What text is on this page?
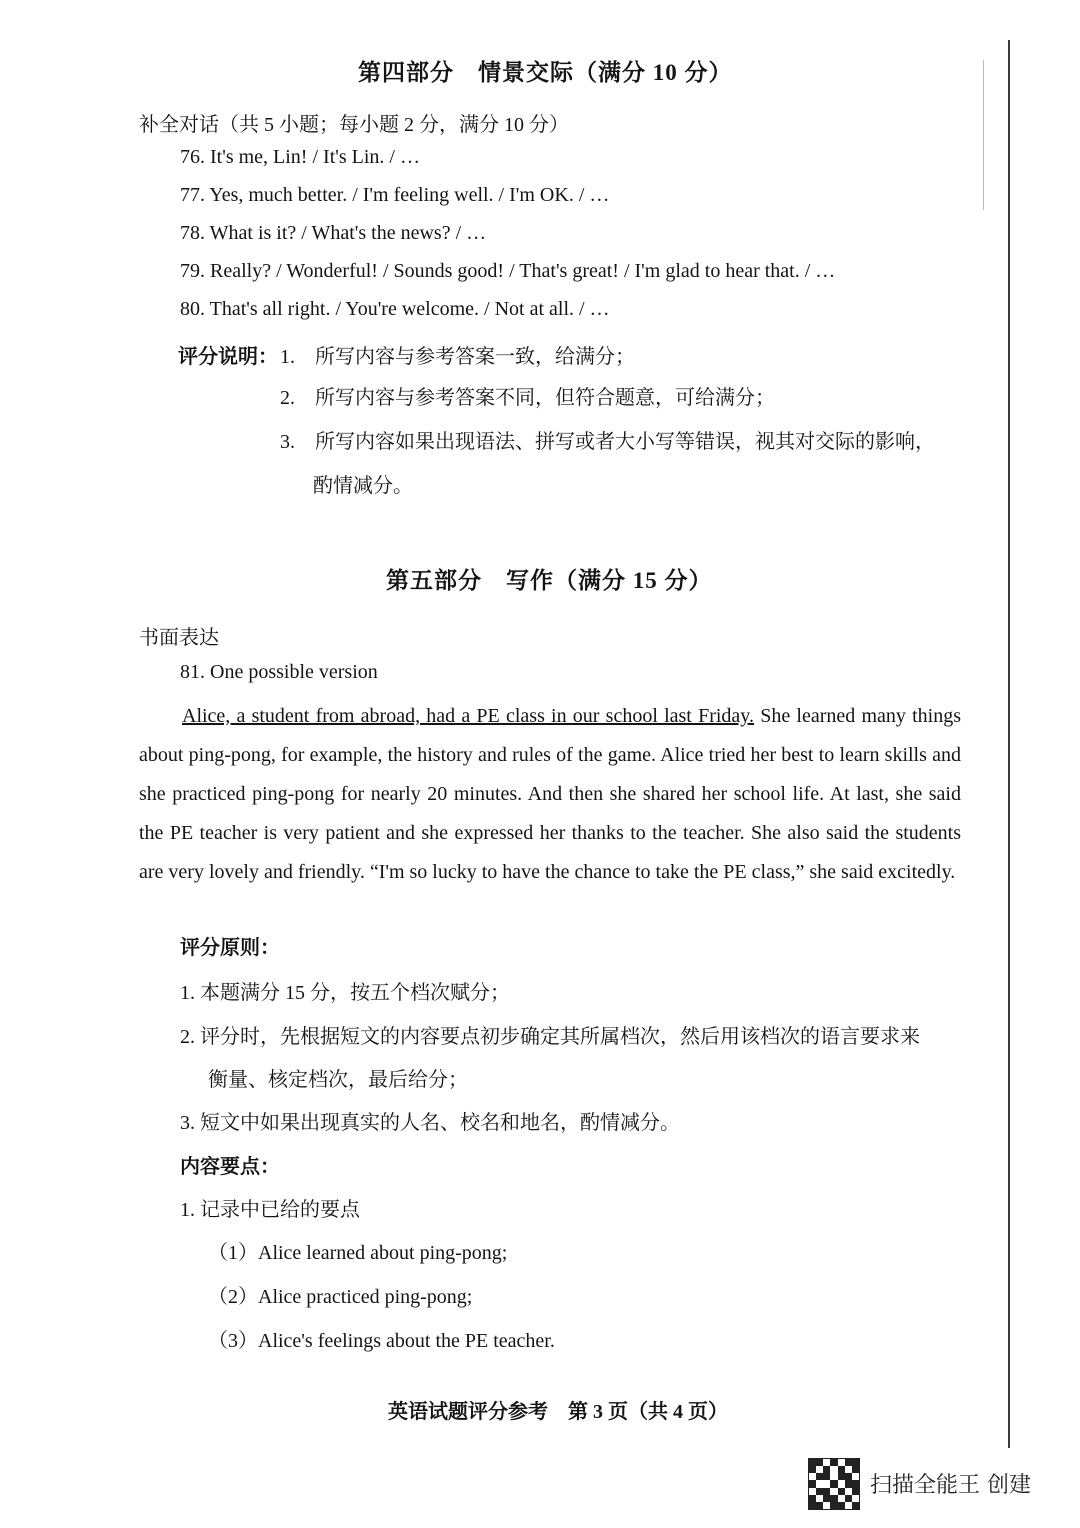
第四部分　情景交际（满分 10 分）
补全对话（共 5 小题；每小题 2 分，满分 10 分）
76. It's me, Lin! / It's Lin. / …
77. Yes, much better. / I'm feeling well. / I'm OK. / …
78. What is it? / What's the news? / …
79. Really? / Wonderful! / Sounds good! / That's great! / I'm glad to hear that. / …
80. That's all right. / You're welcome. / Not at all. / …
评分说明： 1.　所写内容与参考答案一致，给满分；
2.　所写内容与参考答案不同，但符合题意，可给满分；
3.　所写内容如果出现语法、拼写或者大小写等错误，视其对交际的影响，
酌情减分。
第五部分　写作（满分 15 分）
书面表达
81. One possible version
Alice, a student from abroad, had a PE class in our school last Friday. She learned many things about ping-pong, for example, the history and rules of the game. Alice tried her best to learn skills and she practiced ping-pong for nearly 20 minutes. And then she shared her school life. At last, she said the PE teacher is very patient and she expressed her thanks to the teacher. She also said the students are very lovely and friendly. “I'm so lucky to have the chance to take the PE class,” she said excitedly.
评分原则：
1. 本题满分 15 分，按五个档次赋分；
2. 评分时，先根据短文的内容要点初步确定其所属档次，然后用该档次的语言要求来
衡量、核定档次，最后给分；
3. 短文中如果出现真实的人名、校名和地名，酌情减分。
内容要点：
1. 记录中已给的要点
（1）Alice learned about ping-pong;
（2）Alice practiced ping-pong;
（3）Alice's feelings about the PE teacher.
英语试题评分参考　第 3 页（共 4 页）
扫描全能王 创建
